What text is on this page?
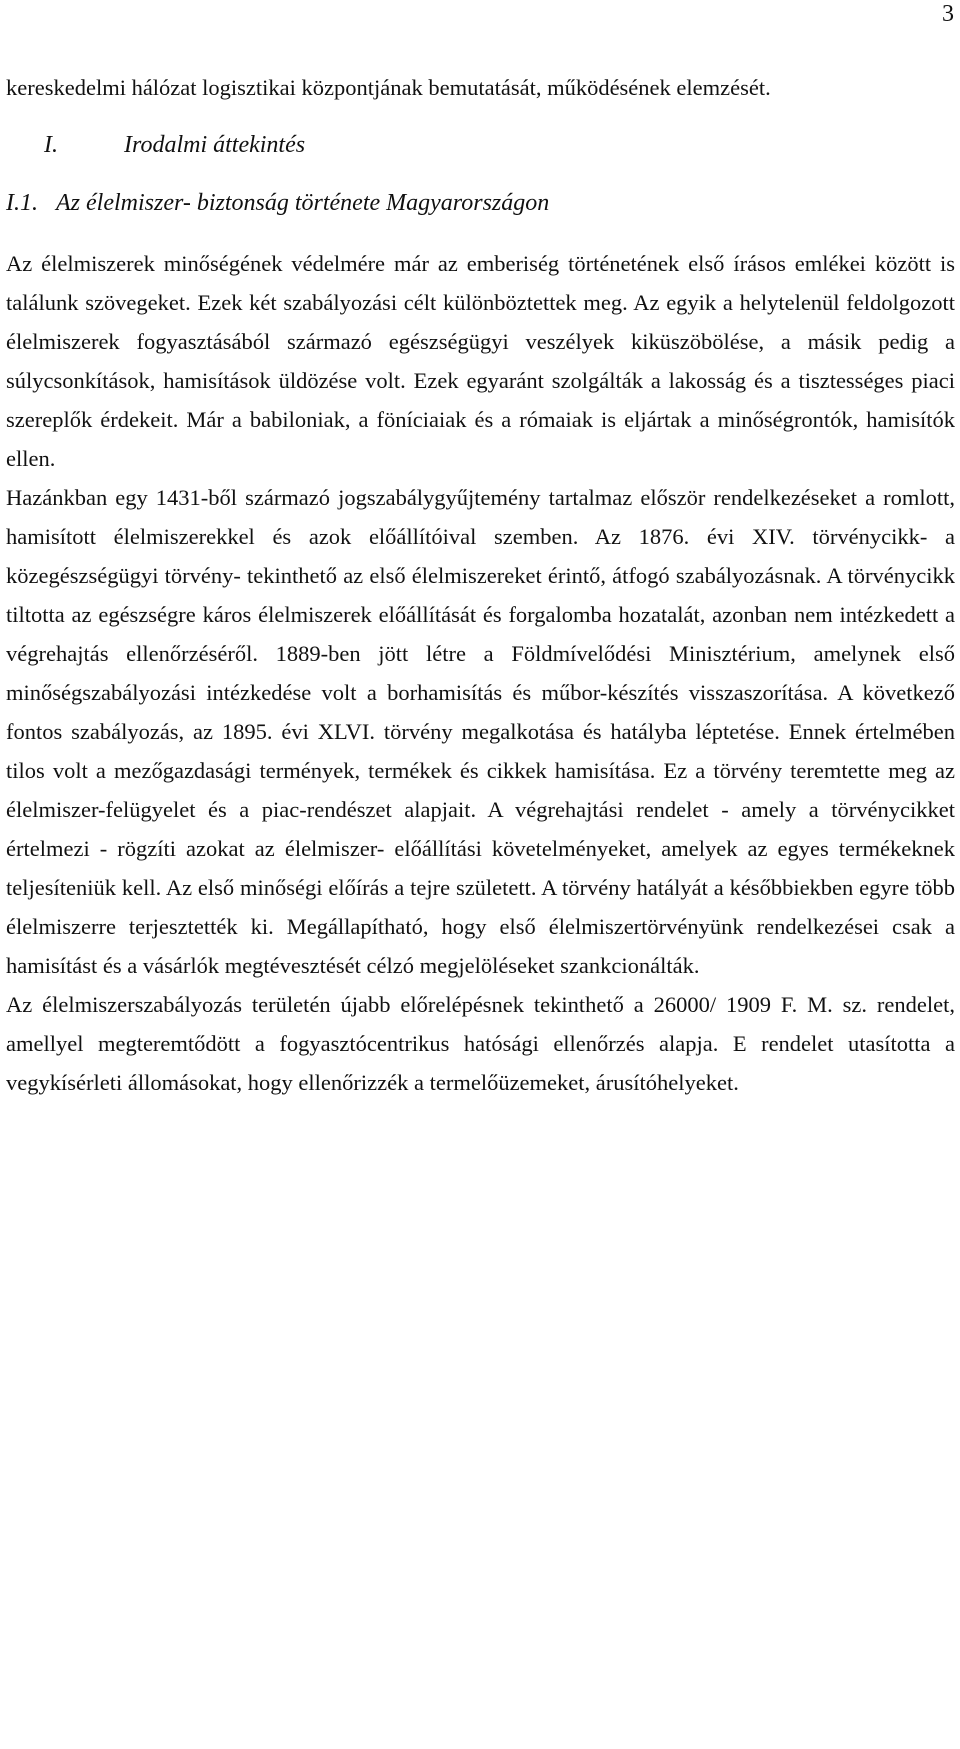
3

kereskedelmi hálózat logisztikai központjának bemutatását, működésének elemzését.

I.	Irodalmi áttekintés
I.1. Az élelmiszer- biztonság története Magyarországon

Az élelmiszerek minőségének védelmére már az emberiség történetének első írásos emlékei között is találunk szövegeket. Ezek két szabályozási célt különböztettek meg. Az egyik a helytelenül feldolgozott élelmiszerek fogyasztásából származó egészségügyi veszélyek kiküszöbölése, a másik pedig a súlycsonkítások, hamisítások üldözése volt. Ezek egyaránt szolgálták a lakosság és a tisztességes piaci szereplők érdekeit. Már a babiloniak, a föníciaiak és a rómaiak is eljártak a minőségrontók, hamisítók ellen.

Hazánkban egy 1431-ből származó jogszabálygyűjtemény tartalmaz először rendelkezéseket a romlott, hamisított élelmiszerekkel és azok előállítóival szemben. Az 1876. évi XIV. törvénycikk- a közegészségügyi törvény- tekinthető az első élelmiszereket érintő, átfogó szabályozásnak. A törvénycikk tiltotta az egészségre káros élelmiszerek előállítását és forgalomba hozatalát, azonban nem intézkedett a végrehajtás ellenőrzéséről. 1889-ben jött létre a Földmívelődési Minisztérium, amelynek első minőségszabályozási intézkedése volt a borhamisítás és műbor-készítés visszaszorítása. A következő fontos szabályozás, az 1895. évi XLVI. törvény megalkotása és hatályba léptetése. Ennek értelmében tilos volt a mezőgazdasági termények, termékek és cikkek hamisítása. Ez a törvény teremtette meg az élelmiszer-felügyelet és a piac-rendészet alapjait. A végrehajtási rendelet - amely a törvénycikket értelmezi - rögzíti azokat az élelmiszer- előállítási követelményeket, amelyek az egyes termékeknek teljesíteniük kell. Az első minőségi előírás a tejre született. A törvény hatályát a későbbiekben egyre több élelmiszerre terjesztették ki. Megállapítható, hogy első élelmiszertörvényünk rendelkezései csak a hamisítást és a vásárlók megtévesztését célzó megjelöléseket szankcionálták.

Az élelmiszerszabályozás területén újabb előrelépésnek tekinthető a 26000/ 1909 F. M. sz. rendelet, amellyel megteremtődött a fogyasztócentrikus hatósági ellenőrzés alapja. E rendelet utasította a vegykísérleti állomásokat, hogy ellenőrizzék a termelőüzemeket, árusítóhelyeket.
